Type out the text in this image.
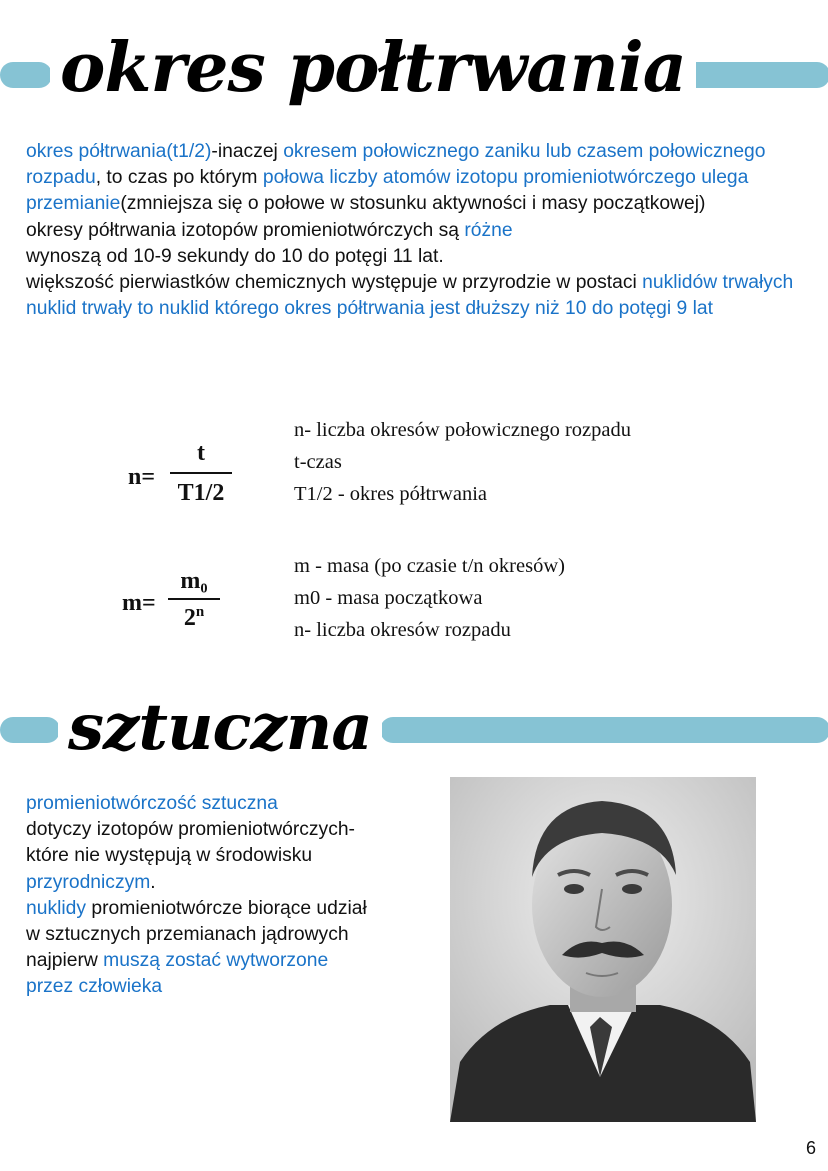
okres połtrwania
okres półtrwania(t1/2)-inaczej okresem połowicznego zaniku lub czasem połowicznego rozpadu, to czas po którym połowa liczby atomów izotopu promieniotwórczego ulega przemianie(zmniejsza się o połowe w stosunku aktywności i masy początkowej)
okresy półtrwania izotopów promieniotwórczych są różne
wynoszą od 10-9 sekundy do 10 do potęgi 11 lat.
większość pierwiastków chemicznych występuje w przyrodzie w postaci nuklidów trwałych
nuklid trwały to nuklid którego okres półtrwania jest dłuższy niż 10 do potęgi 9 lat
n=
t
T1/2
n- liczba okresów połowicznego rozpadu
t-czas
T1/2 - okres półtrwania
m=
m₀
2$^n$
m - masa (po czasie t/n okresów)
m0 - masa początkowa
n- liczba okresów rozpadu
sztuczna
promieniotwórczość sztuczna
dotyczy izotopów promieniotwórczych-które nie występują w środowisku przyrodniczym.
nuklidy promieniotwórcze biorące udział w sztucznych przemianach jądrowych najpierw muszą zostać wytworzone przez człowieka
6
